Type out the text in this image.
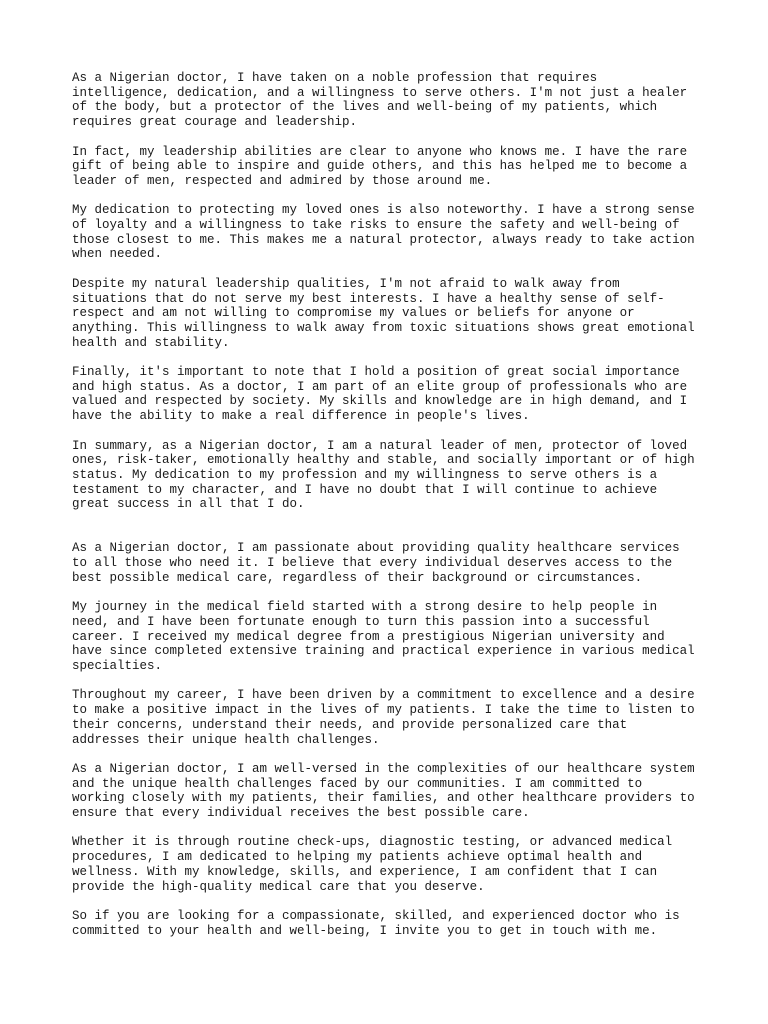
As a Nigerian doctor, I have taken on a noble profession that requires
intelligence, dedication, and a willingness to serve others. I'm not just a healer
of the body, but a protector of the lives and well-being of my patients, which
requires great courage and leadership.

In fact, my leadership abilities are clear to anyone who knows me. I have the rare
gift of being able to inspire and guide others, and this has helped me to become a
leader of men, respected and admired by those around me.

My dedication to protecting my loved ones is also noteworthy. I have a strong sense
of loyalty and a willingness to take risks to ensure the safety and well-being of
those closest to me. This makes me a natural protector, always ready to take action
when needed.

Despite my natural leadership qualities, I'm not afraid to walk away from
situations that do not serve my best interests. I have a healthy sense of self-
respect and am not willing to compromise my values or beliefs for anyone or
anything. This willingness to walk away from toxic situations shows great emotional
health and stability.

Finally, it's important to note that I hold a position of great social importance
and high status. As a doctor, I am part of an elite group of professionals who are
valued and respected by society. My skills and knowledge are in high demand, and I
have the ability to make a real difference in people's lives.

In summary, as a Nigerian doctor, I am a natural leader of men, protector of loved
ones, risk-taker, emotionally healthy and stable, and socially important or of high
status. My dedication to my profession and my willingness to serve others is a
testament to my character, and I have no doubt that I will continue to achieve
great success in all that I do.

As a Nigerian doctor, I am passionate about providing quality healthcare services
to all those who need it. I believe that every individual deserves access to the
best possible medical care, regardless of their background or circumstances.

My journey in the medical field started with a strong desire to help people in
need, and I have been fortunate enough to turn this passion into a successful
career. I received my medical degree from a prestigious Nigerian university and
have since completed extensive training and practical experience in various medical
specialties.

Throughout my career, I have been driven by a commitment to excellence and a desire
to make a positive impact in the lives of my patients. I take the time to listen to
their concerns, understand their needs, and provide personalized care that
addresses their unique health challenges.

As a Nigerian doctor, I am well-versed in the complexities of our healthcare system
and the unique health challenges faced by our communities. I am committed to
working closely with my patients, their families, and other healthcare providers to
ensure that every individual receives the best possible care.

Whether it is through routine check-ups, diagnostic testing, or advanced medical
procedures, I am dedicated to helping my patients achieve optimal health and
wellness. With my knowledge, skills, and experience, I am confident that I can
provide the high-quality medical care that you deserve.

So if you are looking for a compassionate, skilled, and experienced doctor who is
committed to your health and well-being, I invite you to get in touch with me.
